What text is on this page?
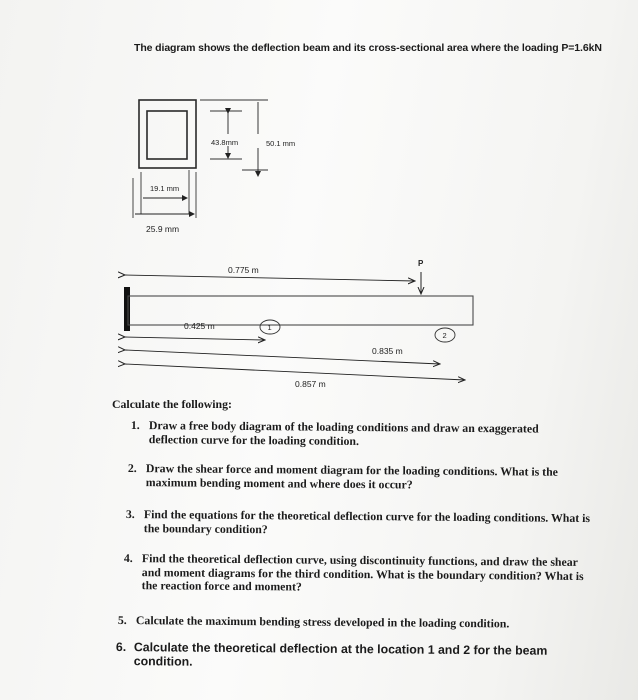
The diagram shows the deflection beam and its cross-sectional area where the loading P=1.6kN
43.8mm	50.1 mm
19.1 mm
25.9 mm
P
0.775 m
0.425 m	1
2
0.835 m
0.857 m
Calculate the following:
1. Draw a free body diagram of the loading conditions and draw an exaggerated deflection curve for the loading condition.
2. Draw the shear force and moment diagram for the loading conditions. What is the maximum bending moment and where does it occur?
3. Find the equations for the theoretical deflection curve for the loading conditions. What is the boundary condition?
4. Find the theoretical deflection curve, using discontinuity functions, and draw the shear and moment diagrams for the third condition. What is the boundary condition? What is the reaction force and moment?
5. Calculate the maximum bending stress developed in the loading condition.
6. Calculate the theoretical deflection at the location 1 and 2 for the beam condition.
